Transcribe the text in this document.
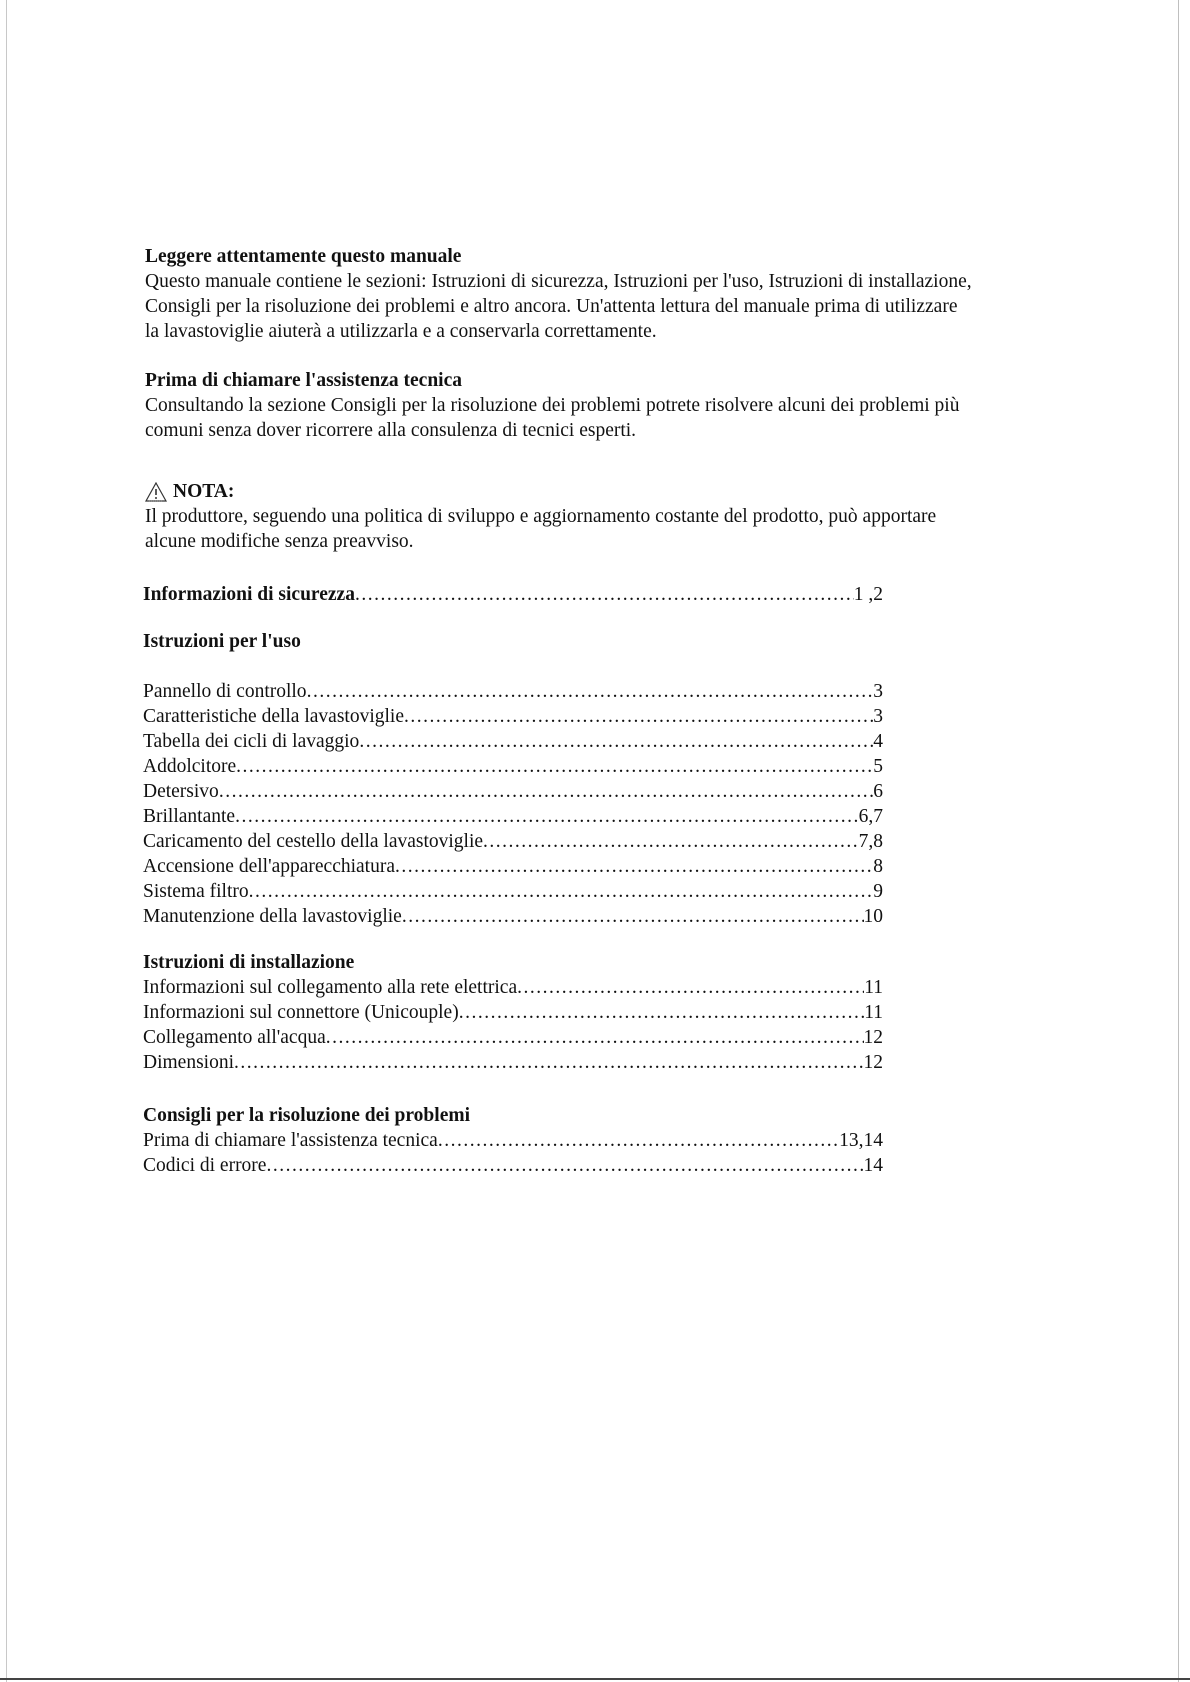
Leggere attentamente questo manuale

Questo manuale contiene le sezioni: Istruzioni di sicurezza, Istruzioni per l'uso, Istruzioni di installazione,

Consigli per la risoluzione dei problemi e altro ancora. Un'attenta lettura del manuale prima di utilizzare

la lavastoviglie aiuterà a utilizzarla e a conservarla correttamente.

Prima di chiamare l'assistenza tecnica

Consultando la sezione Consigli per la risoluzione dei problemi potrete risolvere alcuni dei problemi più

comuni senza dover ricorrere alla consulenza di tecnici esperti.

NOTA:

Il produttore, seguendo una politica di sviluppo e aggiornamento costante del prodotto, può apportare

alcune modifiche senza preavviso.

Informazioni di sicurezza .....	1 ,2

Istruzioni per l'uso

Pannello di controllo .....	3
Caratteristiche della lavastoviglie .....	3
Tabella dei cicli di lavaggio .....	4
Addolcitore .....	5
Detersivo .....	6
Brillantante .....	6,7
Caricamento del cestello della lavastoviglie .....	7,8
Accensione dell'apparecchiatura .....	8
Sistema filtro .....	9
Manutenzione della lavastoviglie .....	10

Istruzioni di installazione

Informazioni sul collegamento alla rete elettrica .....	11
Informazioni sul connettore (Unicouple) .....	11
Collegamento all'acqua .....	12
Dimensioni .....	12

Consigli per la risoluzione dei problemi

Prima di chiamare l'assistenza tecnica .....	13,14
Codici di errore .....	14
